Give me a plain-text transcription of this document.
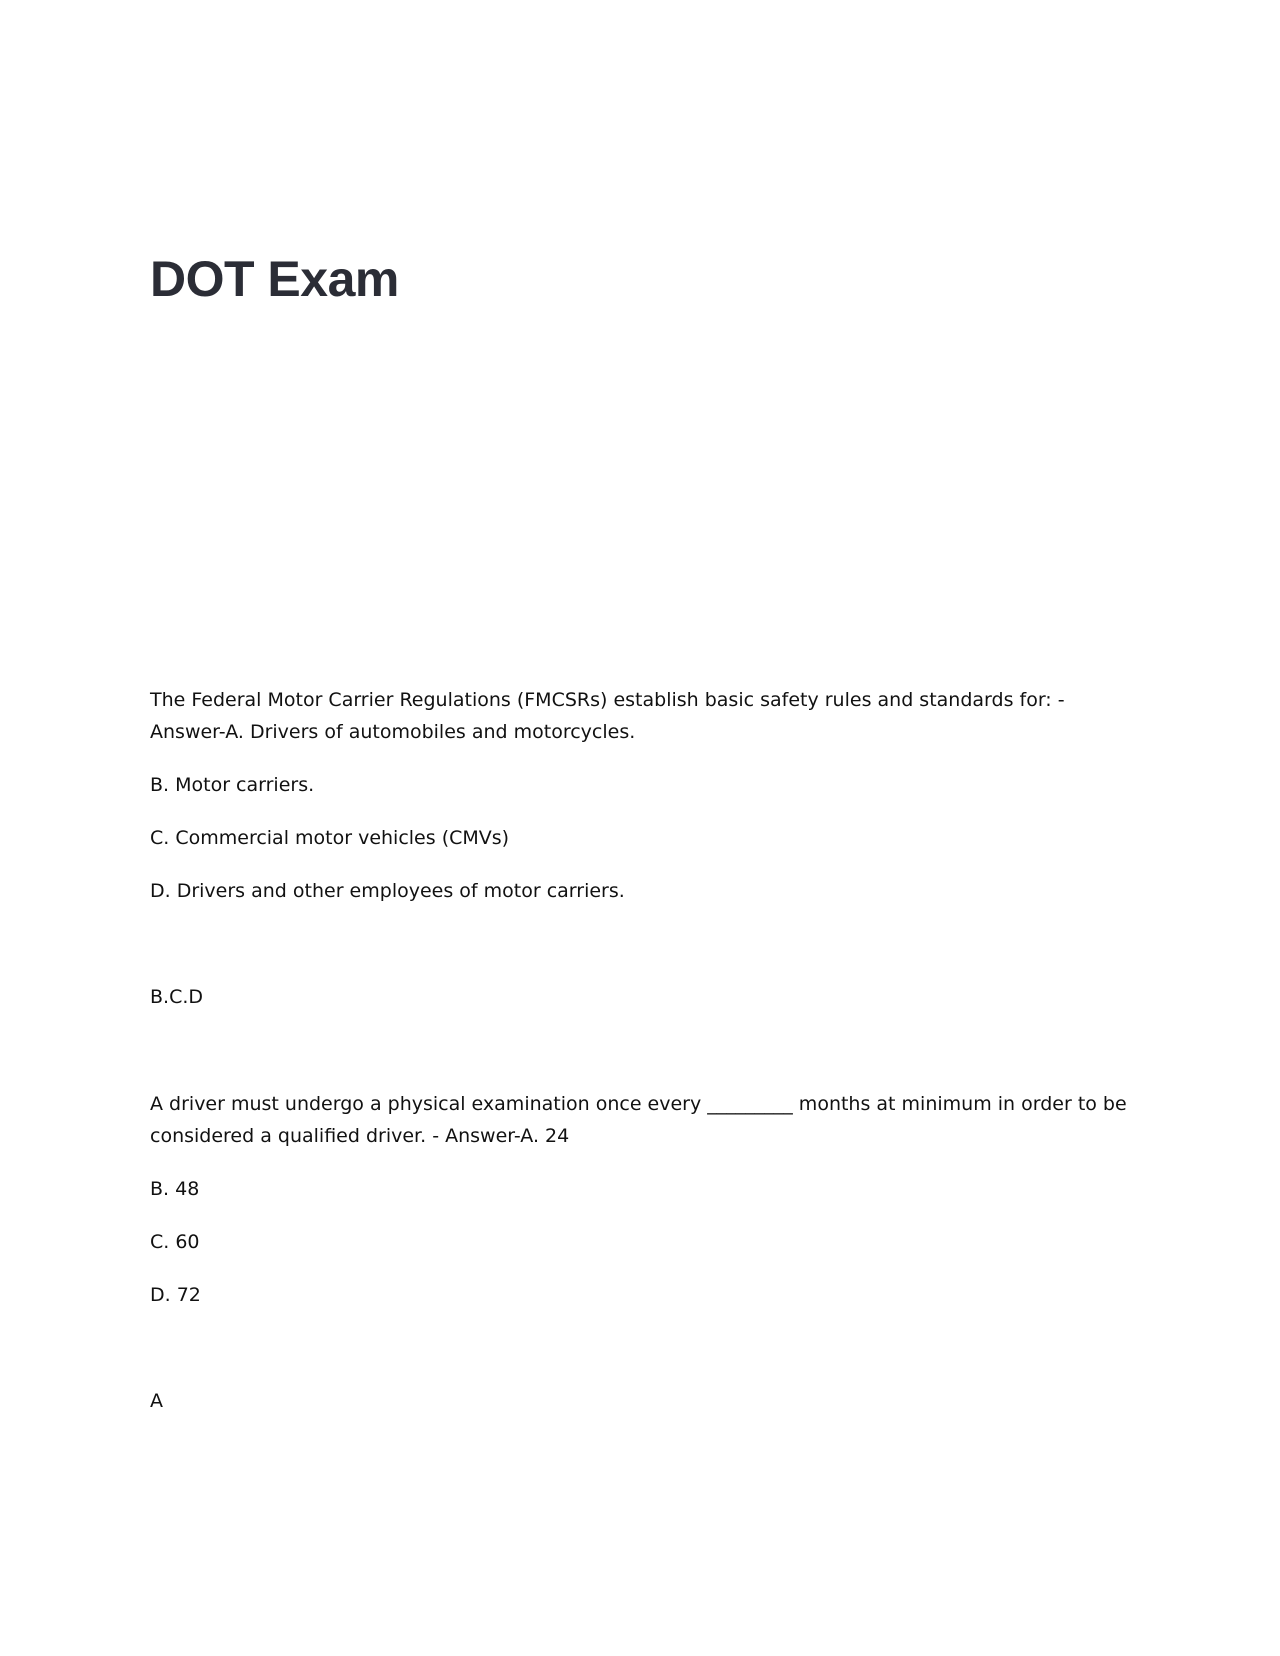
DOT Exam

The Federal Motor Carrier Regulations (FMCSRs) establish basic safety rules and standards for: - Answer-A. Drivers of automobiles and motorcycles.

B. Motor carriers.

C. Commercial motor vehicles (CMVs)

D. Drivers and other employees of motor carriers.

B.C.D

A driver must undergo a physical examination once every _________ months at minimum in order to be considered a qualified driver. - Answer-A. 24

B. 48

C. 60

D. 72

A
